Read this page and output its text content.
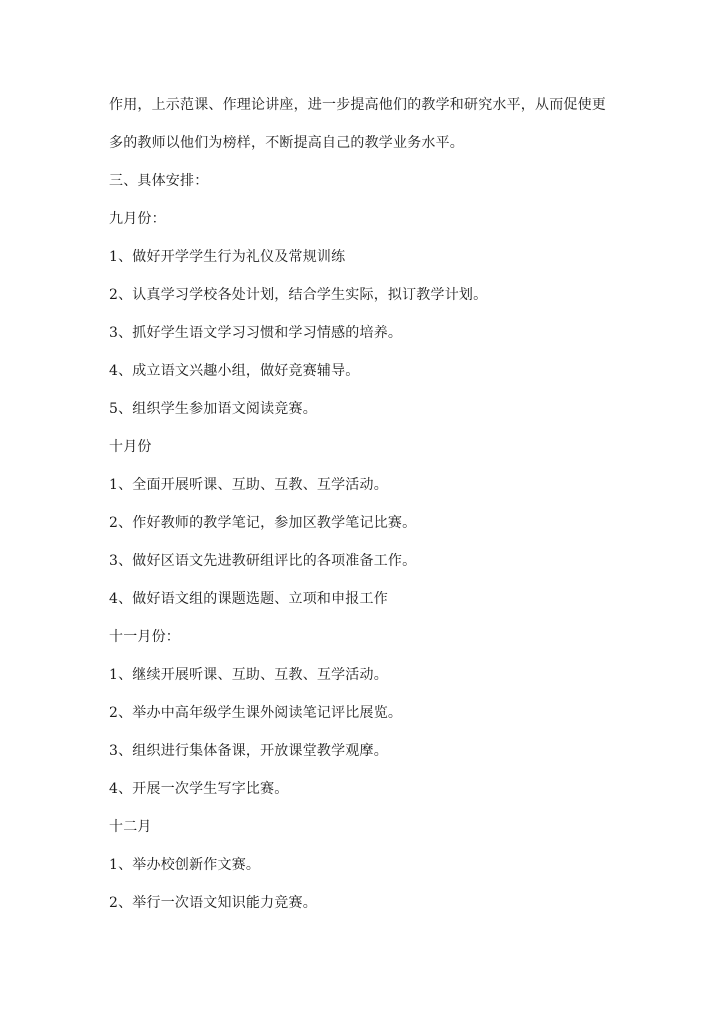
作用，上示范课、作理论讲座，进一步提高他们的教学和研究水平，从而促使更

多的教师以他们为榜样，不断提高自己的教学业务水平。

三、具体安排：

九月份：

1、做好开学学生行为礼仪及常规训练

2、认真学习学校各处计划，结合学生实际，拟订教学计划。

3、抓好学生语文学习习惯和学习情感的培养。

4、成立语文兴趣小组，做好竞赛辅导。

5、组织学生参加语文阅读竞赛。

十月份

1、全面开展听课、互助、互教、互学活动。

2、作好教师的教学笔记，参加区教学笔记比赛。

3、做好区语文先进教研组评比的各项准备工作。

4、做好语文组的课题选题、立项和申报工作

十一月份：

1、继续开展听课、互助、互教、互学活动。

2、举办中高年级学生课外阅读笔记评比展览。

3、组织进行集体备课，开放课堂教学观摩。

4、开展一次学生写字比赛。

十二月

1、举办校创新作文赛。

2、举行一次语文知识能力竞赛。
